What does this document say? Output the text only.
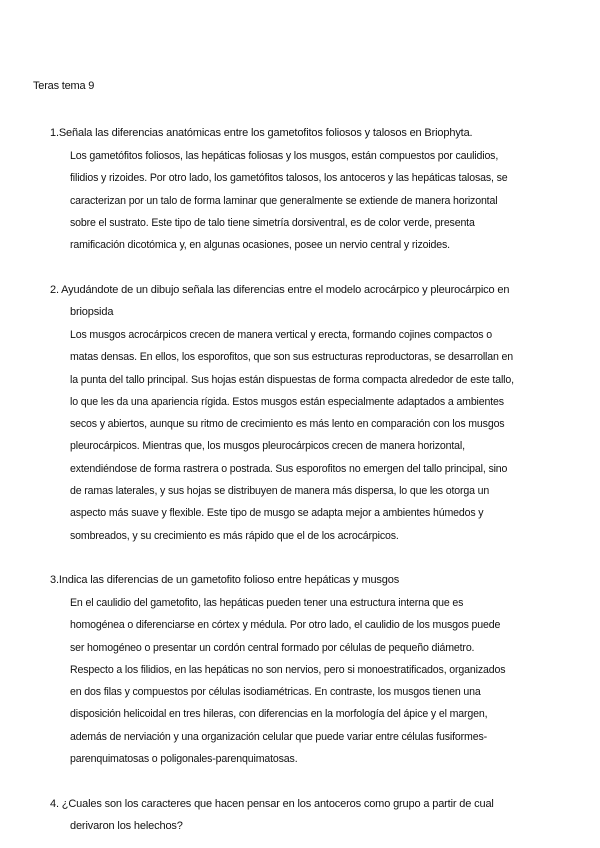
Teras tema 9
1.Señala las diferencias anatómicas entre los gametofitos foliosos y talosos en Briophyta.
Los gametófitos foliosos, las hepáticas foliosas y los musgos, están compuestos por caulidios,
filidios y rizoides. Por otro lado, los gametófitos talosos, los antoceros y las hepáticas talosas, se
caracterizan por un talo de forma laminar que generalmente se extiende de manera horizontal
sobre el sustrato. Este tipo de talo tiene simetría dorsiventral, es de color verde, presenta
ramificación dicotómica y, en algunas ocasiones, posee un nervio central y rizoides.
2. Ayudándote de un dibujo señala las diferencias entre el modelo acrocárpico y pleurocárpico en
briopsida
Los musgos acrocárpicos crecen de manera vertical y erecta, formando cojines compactos o
matas densas. En ellos, los esporofitos, que son sus estructuras reproductoras, se desarrollan en
la punta del tallo principal. Sus hojas están dispuestas de forma compacta alrededor de este tallo,
lo que les da una apariencia rígida. Estos musgos están especialmente adaptados a ambientes
secos y abiertos, aunque su ritmo de crecimiento es más lento en comparación con los musgos
pleurocárpicos. Mientras que, los musgos pleurocárpicos crecen de manera horizontal,
extendiéndose de forma rastrera o postrada. Sus esporofitos no emergen del tallo principal, sino
de ramas laterales, y sus hojas se distribuyen de manera más dispersa, lo que les otorga un
aspecto más suave y flexible. Este tipo de musgo se adapta mejor a ambientes húmedos y
sombreados, y su crecimiento es más rápido que el de los acrocárpicos.
3.Indica las diferencias de un gametofito folioso entre hepáticas y musgos
En el caulidio del gametofito, las hepáticas pueden tener una estructura interna que es
homogénea o diferenciarse en córtex y médula. Por otro lado, el caulidio de los musgos puede
ser homogéneo o presentar un cordón central formado por células de pequeño diámetro.
Respecto a los filidios, en las hepáticas no son nervios, pero si monoestratificados, organizados
en dos filas y compuestos por células isodiamétricas. En contraste, los musgos tienen una
disposición helicoidal en tres hileras, con diferencias en la morfología del ápice y el margen,
además de nerviación y una organización celular que puede variar entre células fusiformes-
parenquimatosas o poligonales-parenquimatosas.
4. ¿Cuales son los caracteres que hacen pensar en los antoceros como grupo a partir de cual
derivaron los helechos?
